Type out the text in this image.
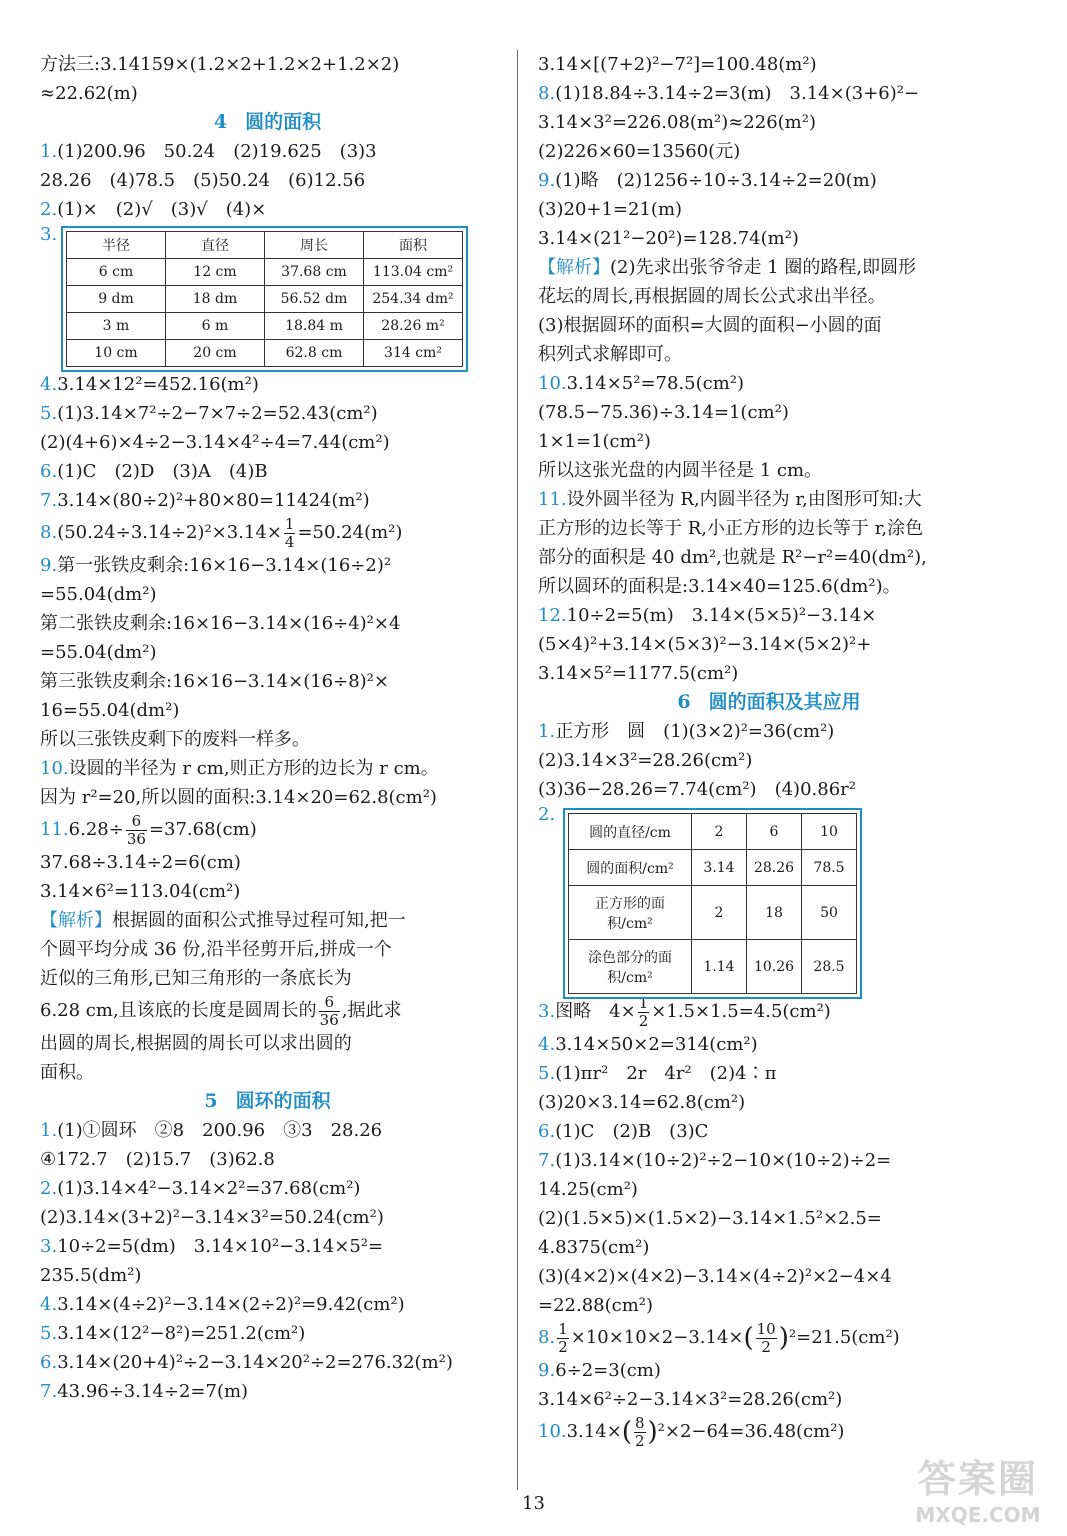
方法三:3.14159×(1.2×2+1.2×2+1.2×2)
≈22.62(m)
4 圆的面积
1.(1)200.96　50.24　(2)19.625　(3)3
28.26　(4)78.5　(5)50.24　(6)12.56
2.(1)×　(2)√　(3)√　(4)×
3.
半径	直径	周长	面积
6 cm	12 cm	37.68 cm	113.04 cm²
9 dm	18 dm	56.52 dm	254.34 dm²
3 m	6 m	18.84 m	28.26 m²
10 cm	20 cm	62.8 cm	314 cm²
4.3.14×12²=452.16(m²)
5.(1)3.14×7²÷2−7×7÷2=52.43(cm²)
(2)(4+6)×4÷2−3.14×4²÷4=7.44(cm²)
6.(1)C　(2)D　(3)A　(4)B
7.3.14×(80÷2)²+80×80=11424(m²)
$8.(50.24\div 3.14\div 2)^2\times 3.14\times \frac{1}{4} =50.24(m^2)$
9.第一张铁皮剩余:16×16−3.14×(16÷2)²
=55.04(dm²)
第二张铁皮剩余:16×16−3.14×(16÷4)²×4
=55.04(dm²)
第三张铁皮剩余:16×16−3.14×(16÷8)²×
16=55.04(dm²)
所以三张铁皮剩下的废料一样多。
10.设圆的半径为 r cm,则正方形的边长为 r cm。
因为 r²=20,所以圆的面积:3.14×20=62.8(cm²)
$11.6.28\div \frac{6}{36} =37.68(cm)$
37.68÷3.14÷2=6(cm)
3.14×6²=113.04(cm²)
【解析】根据圆的面积公式推导过程可知,把一
个圆平均分成 36 份,沿半径剪开后,拼成一个
近似的三角形,已知三角形的一条底长为
6.28 cm,且该底的长度是圆周长的 $\frac{6}{36}$ ,据此求
出圆的周长,根据圆的周长可以求出圆的
面积。
5 圆环的面积
1.(1)①圆环　②8　200.96　③3　28.26
④172.7　(2)15.7　(3)62.8
2.(1)3.14×4²−3.14×2²=37.68(cm²)
(2)3.14×(3+2)²−3.14×3²=50.24(cm²)
3.10÷2=5(dm)　3.14×10²−3.14×5²=
235.5(dm²)
4.3.14×(4÷2)²−3.14×(2÷2)²=9.42(cm²)
5.3.14×(12²−8²)=251.2(cm²)
6.3.14×(20+4)²÷2−3.14×20²÷2=276.32(m²)
7.43.96÷3.14÷2=7(m)
3.14×[(7+2)²−7²]=100.48(m²)
8.(1)18.84÷3.14÷2=3(m)　3.14×(3+6)²−
3.14×3²=226.08(m²)≈226(m²)
(2)226×60=13560(元)
9.(1)略　(2)1256÷10÷3.14÷2=20(m)
(3)20+1=21(m)
3.14×(21²−20²)=128.74(m²)
【解析】(2)先求出张爷爷走 1 圈的路程,即圆形
花坛的周长,再根据圆的周长公式求出半径。
(3)根据圆环的面积=大圆的面积−小圆的面
积列式求解即可。
10.3.14×5²=78.5(cm²)
(78.5−75.36)÷3.14=1(cm²)
1×1=1(cm²)
所以这张光盘的内圆半径是 1 cm。
11.设外圆半径为 R,内圆半径为 r,由图形可知:大
正方形的边长等于 R,小正方形的边长等于 r,涂色
部分的面积是 40 dm²,也就是 R²−r²=40(dm²),
所以圆环的面积是:3.14×40=125.6(dm²)。
12.10÷2=5(m)　3.14×(5×5)²−3.14×
(5×4)²+3.14×(5×3)²−3.14×(5×2)²+
3.14×5²=1177.5(cm²)
6 圆的面积及其应用
1.正方形　圆　(1)(3×2)²=36(cm²)
(2)3.14×3²=28.26(cm²)
(3)36−28.26=7.74(cm²)　(4)0.86r²
2.
圆的直径/cm	2	6	10
圆的面积/cm²	3.14	28.26	78.5
正方形的面积/cm²	2	18	50
涂色部分的面积/cm²	1.14	10.26	28.5
3.图略　$4\times \frac{1}{2} \times 1.5\times 1.5=4.5(cm^2)$
4.3.14×50×2=314(cm²)
5.(1)πr²　2r　4r²　(2)4∶π
(3)20×3.14=62.8(cm²)
6.(1)C　(2)B　(3)C
7.(1)3.14×(10÷2)²÷2−10×(10÷2)÷2=
14.25(cm²)
(2)(1.5×5)×(1.5×2)−3.14×1.5²×2.5=
4.8375(cm²)
(3)(4×2)×(4×2)−3.14×(4÷2)²×2−4×4
=22.88(cm²)
8. $\frac{1}{2} \times 10\times 10\times 2-3.14\times( \frac{10}{2} )^2=21.5(cm^2)$
9.6÷2=3(cm)
3.14×6²÷2−3.14×3²=28.26(cm²)
$10.3.14\times( \frac{8}{2} )^2\times 2-64=36.48(cm^2)$
13
答案圈
MXQE.COM
